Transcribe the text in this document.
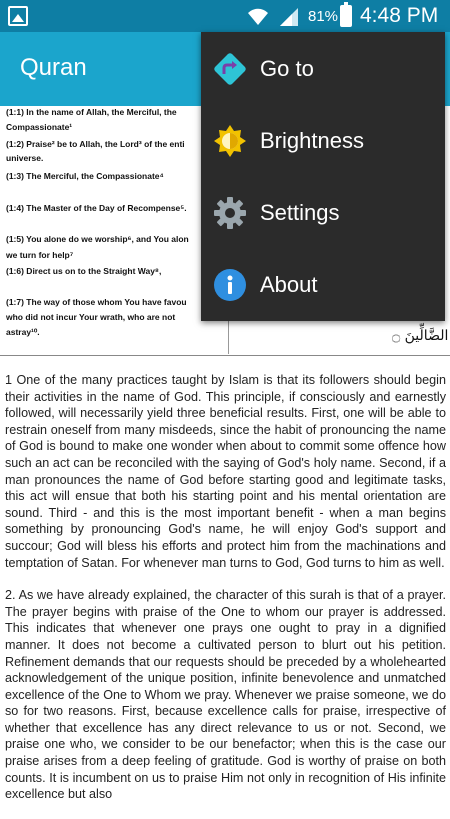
81% 4:48 PM
Quran
(1:1) In the name of Allah, the Merciful, the
Compassionate¹
(1:2) Praise² be to Allah, the Lord³ of the enti
universe.
(1:3) The Merciful, the Compassionate⁴
(1:4) The Master of the Day of Recompense⁵.
(1:5) You alone do we worship⁶, and You alon
we turn for help⁷
(1:6) Direct us on to the Straight Way⁸,
(1:7) The way of those whom You have favou
who did not incur Your wrath, who are not
astray¹⁰.	الضَّالِّينَ ۝

1 One of the many practices taught by Islam is that its followers should begin their activities in the name of God. This principle, if consciously and earnestly followed, will necessarily yield three beneficial results. First, one will be able to restrain oneself from many misdeeds, since the habit of pronouncing the name of God is bound to make one wonder when about to commit some offence how such an act can be reconciled with the saying of God's holy name. Second, if a man pronounces the name of God before starting good and legitimate tasks, this act will ensue that both his starting point and his mental orientation are sound. Third - and this is the most important benefit - when a man begins something by pronouncing God's name, he will enjoy God's support and succour; God will bless his efforts and protect him from the machinations and temptation of Satan. For whenever man turns to God, God turns to him as well.

2. As we have already explained, the character of this surah is that of a prayer. The prayer begins with praise of the One to whom our prayer is addressed. This indicates that whenever one prays one ought to pray in a dignified manner. It does not become a cultivated person to blurt out his petition. Refinement demands that our requests should be preceded by a wholehearted acknowledgement of the unique position, infinite benevolence and unmatched excellence of the One to Whom we pray. Whenever we praise someone, we do so for two reasons. First, because excellence calls for praise, irrespective of whether that excellence has any direct relevance to us or not. Second, we praise one who, we consider to be our benefactor; when this is the case our praise arises from a deep feeling of gratitude. God is worthy of praise on both counts. It is incumbent on us to praise Him not only in recognition of His infinite excellence but also

Go to
Brightness
Settings
About
